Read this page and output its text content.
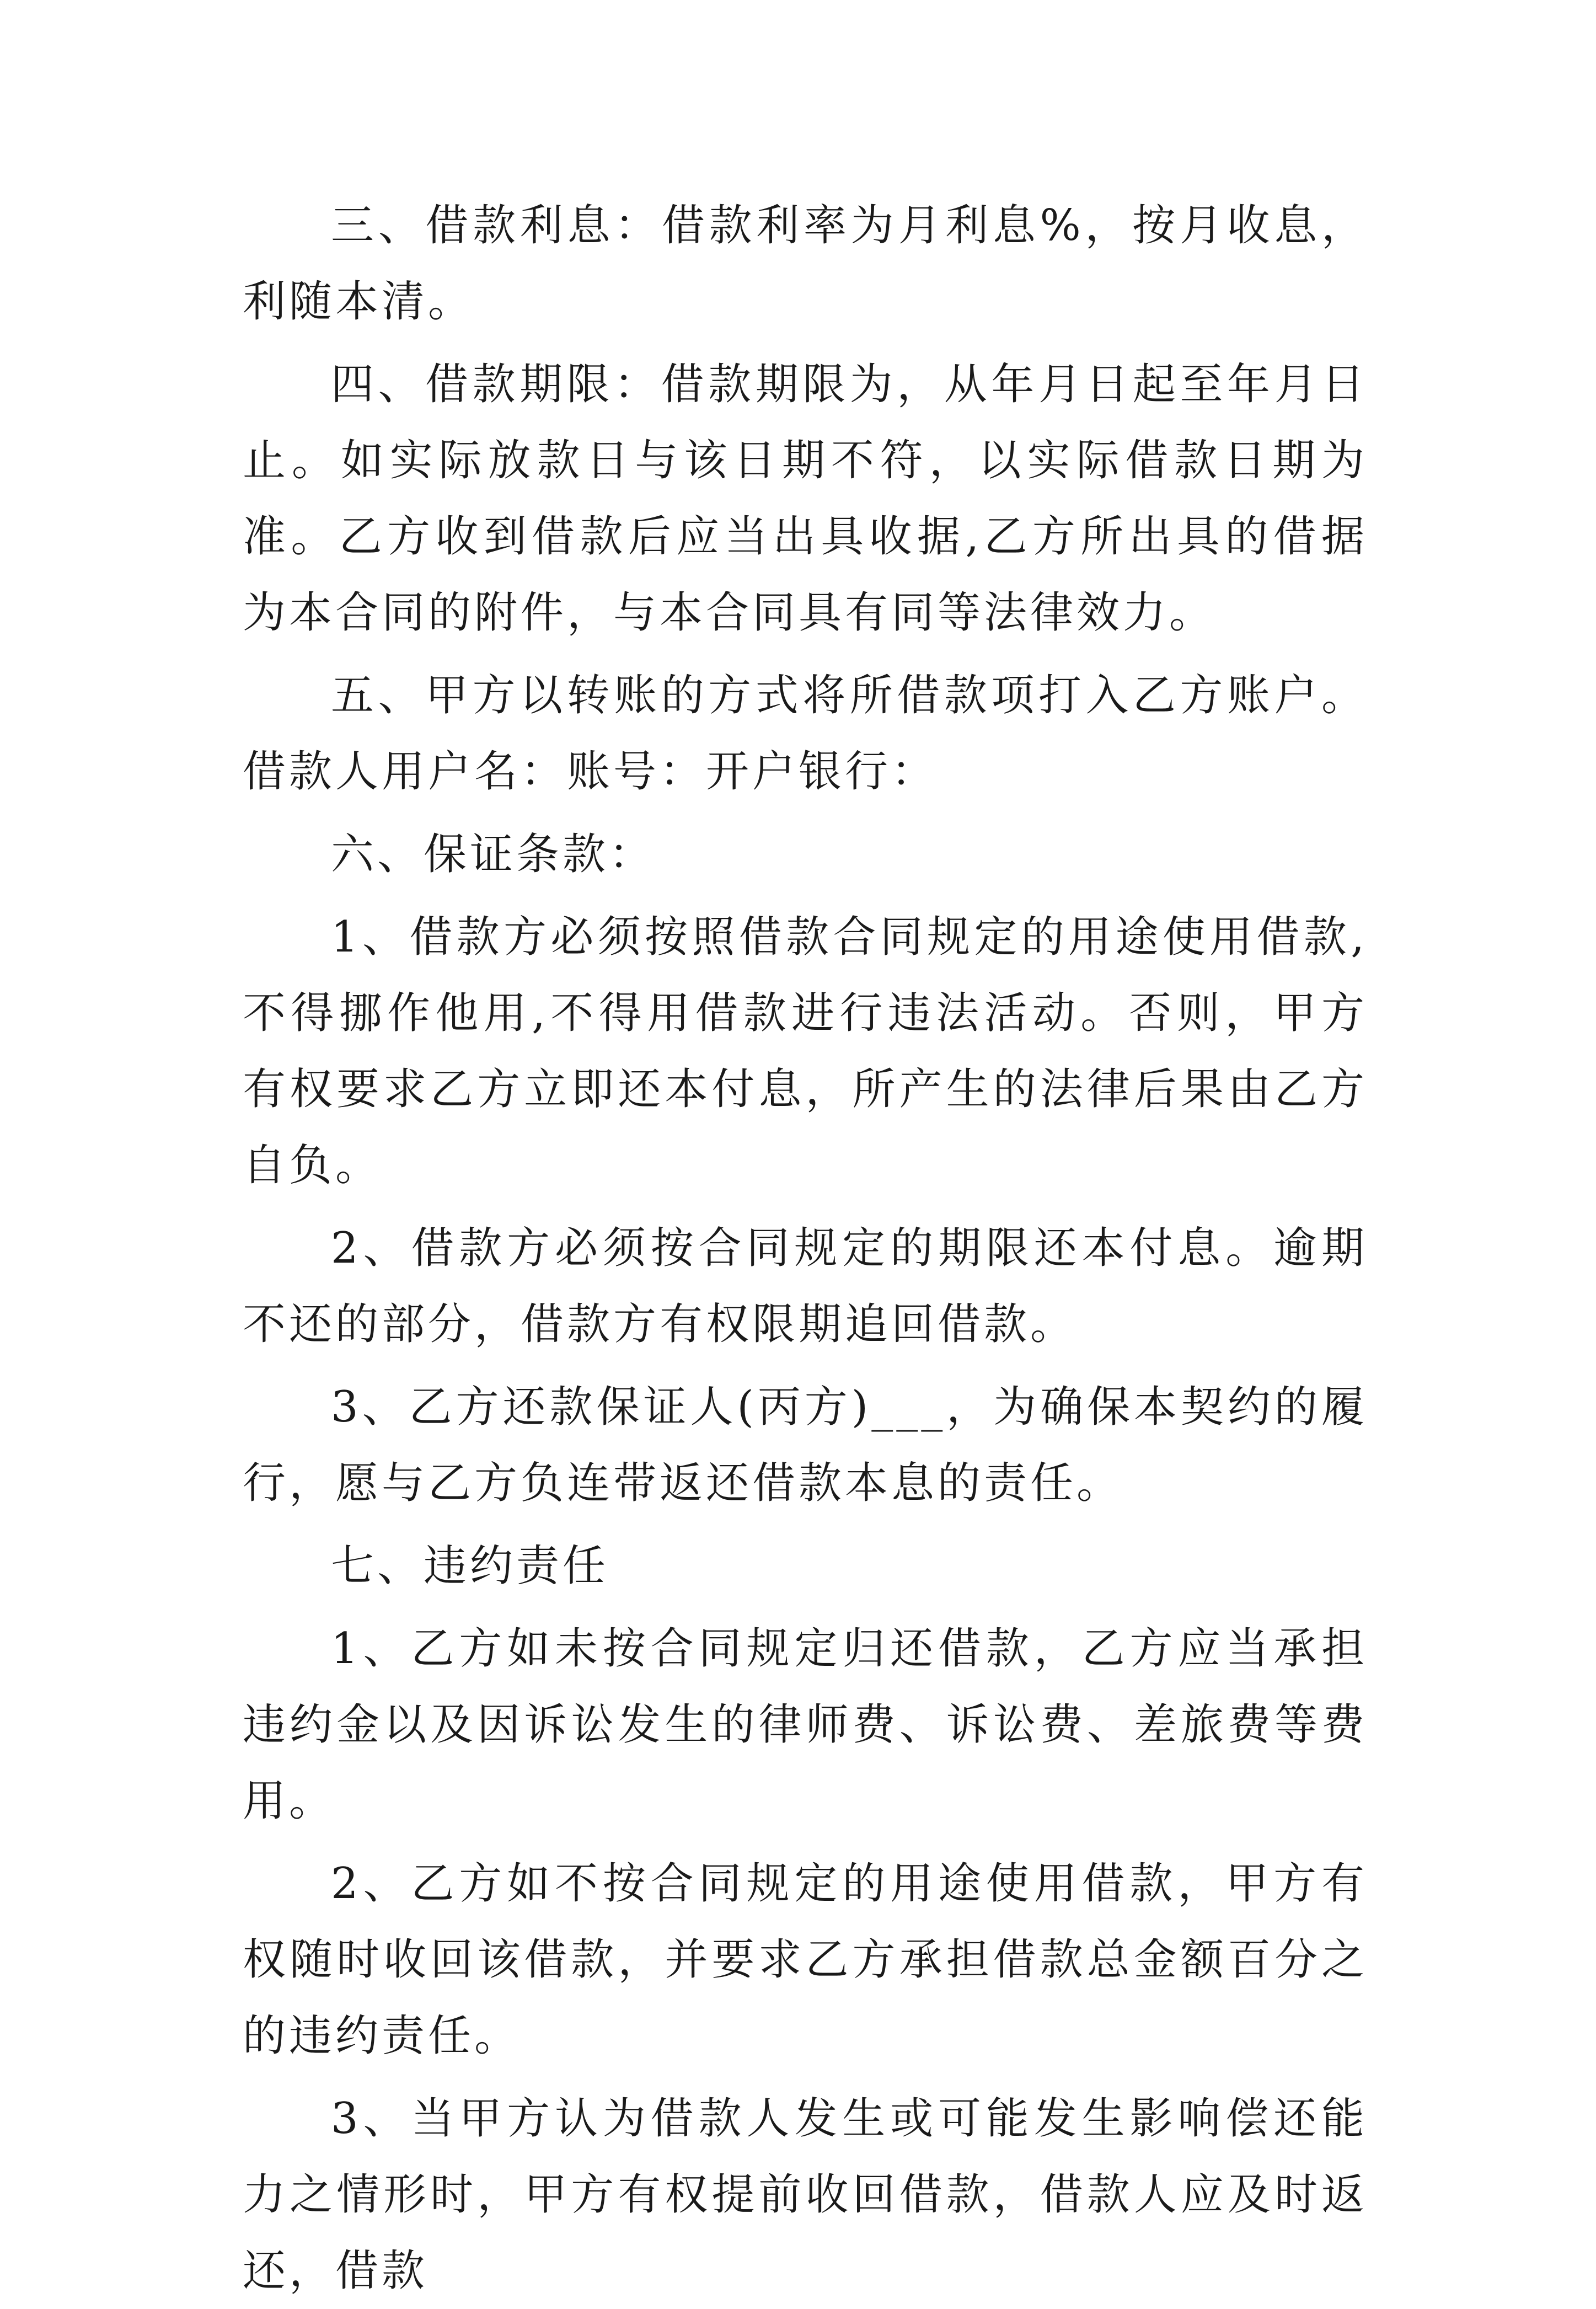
三、借款利息：借款利率为月利息%，按月收息，利随本清。

四、借款期限：借款期限为，从年月日起至年月日止。如实际放款日与该日期不符，以实际借款日期为准。乙方收到借款后应当出具收据,乙方所出具的借据为本合同的附件，与本合同具有同等法律效力。

五、甲方以转账的方式将所借款项打入乙方账户。借款人用户名：账号：开户银行：

六、保证条款：

1、借款方必须按照借款合同规定的用途使用借款,不得挪作他用,不得用借款进行违法活动。否则，甲方有权要求乙方立即还本付息，所产生的法律后果由乙方自负。

2、借款方必须按合同规定的期限还本付息。逾期不还的部分，借款方有权限期追回借款。

3、乙方还款保证人(丙方)___，为确保本契约的履行，愿与乙方负连带返还借款本息的责任。

七、违约责任

1、乙方如未按合同规定归还借款，乙方应当承担违约金以及因诉讼发生的律师费、诉讼费、差旅费等费用。

2、乙方如不按合同规定的用途使用借款，甲方有权随时收回该借款，并要求乙方承担借款总金额百分之的违约责任。

3、当甲方认为借款人发生或可能发生影响偿还能力之情形时，甲方有权提前收回借款，借款人应及时返还，借款
